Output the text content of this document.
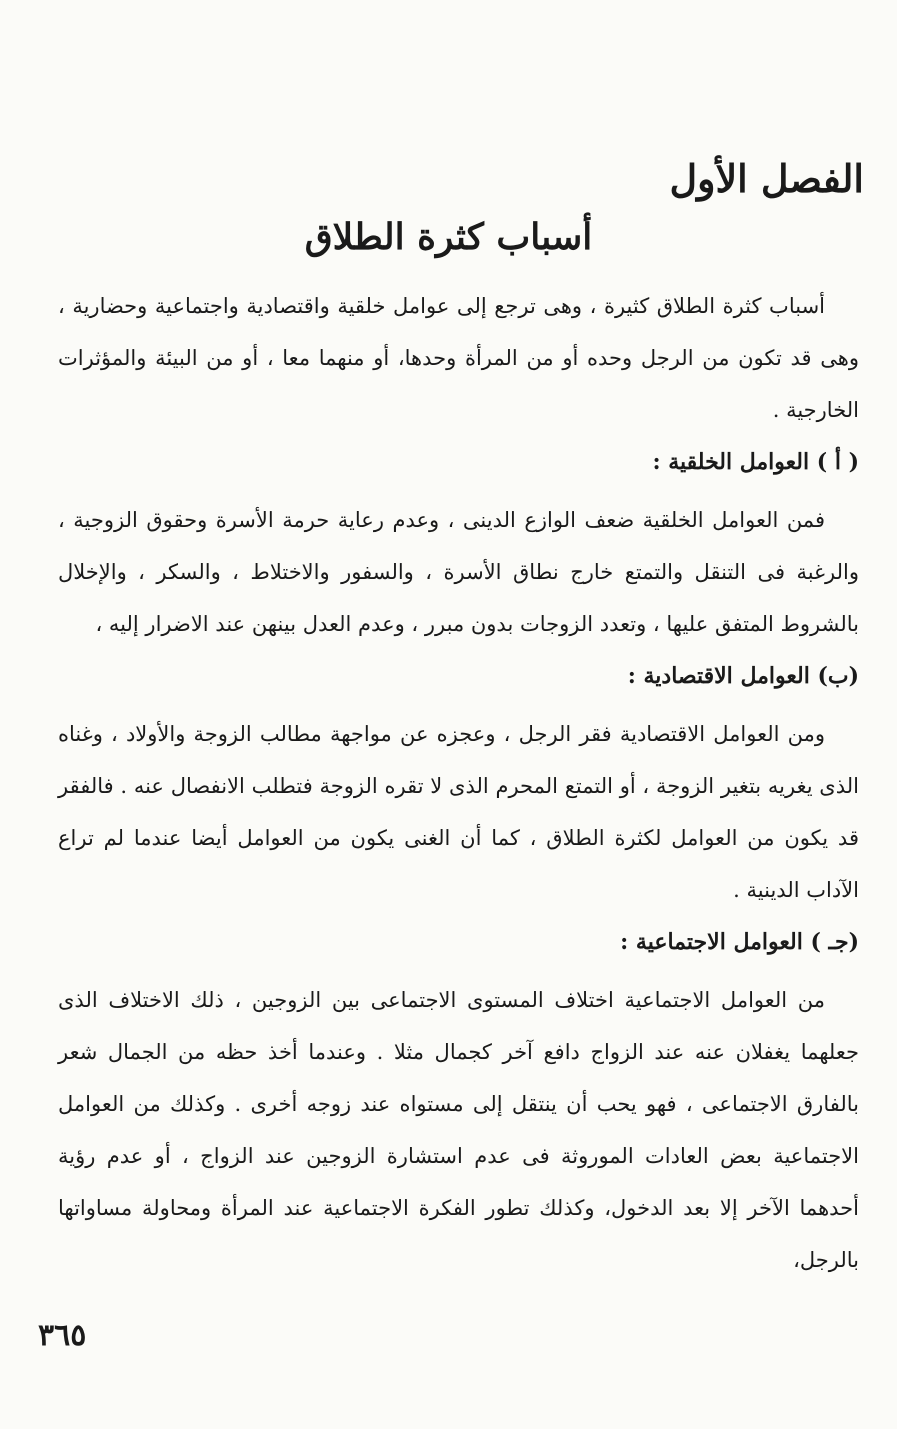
الفصل الأول
أسباب كثرة الطلاق

أسباب كثرة الطلاق كثيرة ، وهى ترجع إلى عوامل خلقية واقتصادية واجتماعية وحضارية ، وهى قد تكون من الرجل وحده أو من المرأة وحدها، أو منهما معا ، أو من البيئة والمؤثرات الخارجية .

( أ ) العوامل الخلقية :

فمن العوامل الخلقية ضعف الوازع الدينى ، وعدم رعاية حرمة الأسرة وحقوق الزوجية ، والرغبة فى التنقل والتمتع خارج نطاق الأسرة ، والسفور والاختلاط ، والسكر ، والإخلال بالشروط المتفق عليها ، وتعدد الزوجات بدون مبرر ، وعدم العدل بينهن عند الاضرار إليه ،

(ب) العوامل الاقتصادية :

ومن العوامل الاقتصادية فقر الرجل ، وعجزه عن مواجهة مطالب الزوجة والأولاد ، وغناه الذى يغريه بتغير الزوجة ، أو التمتع المحرم الذى لا تقره الزوجة فتطلب الانفصال عنه . فالفقر قد يكون من العوامل لكثرة الطلاق ، كما أن الغنى يكون من العوامل أيضا عندما لم تراع الآداب الدينية .

(جـ ) العوامل الاجتماعية :

من العوامل الاجتماعية اختلاف المستوى الاجتماعى بين الزوجين ، ذلك الاختلاف الذى جعلهما يغفلان عنه عند الزواج دافع آخر كجمال مثلا . وعندما أخذ حظه من الجمال شعر بالفارق الاجتماعى ، فهو يحب أن ينتقل إلى مستواه عند زوجه أخرى . وكذلك من العوامل الاجتماعية بعض العادات الموروثة فى عدم استشارة الزوجين عند الزواج ، أو عدم رؤية أحدهما الآخر إلا بعد الدخول، وكذلك تطور الفكرة الاجتماعية عند المرأة ومحاولة مساواتها بالرجل،

٣٦٥
